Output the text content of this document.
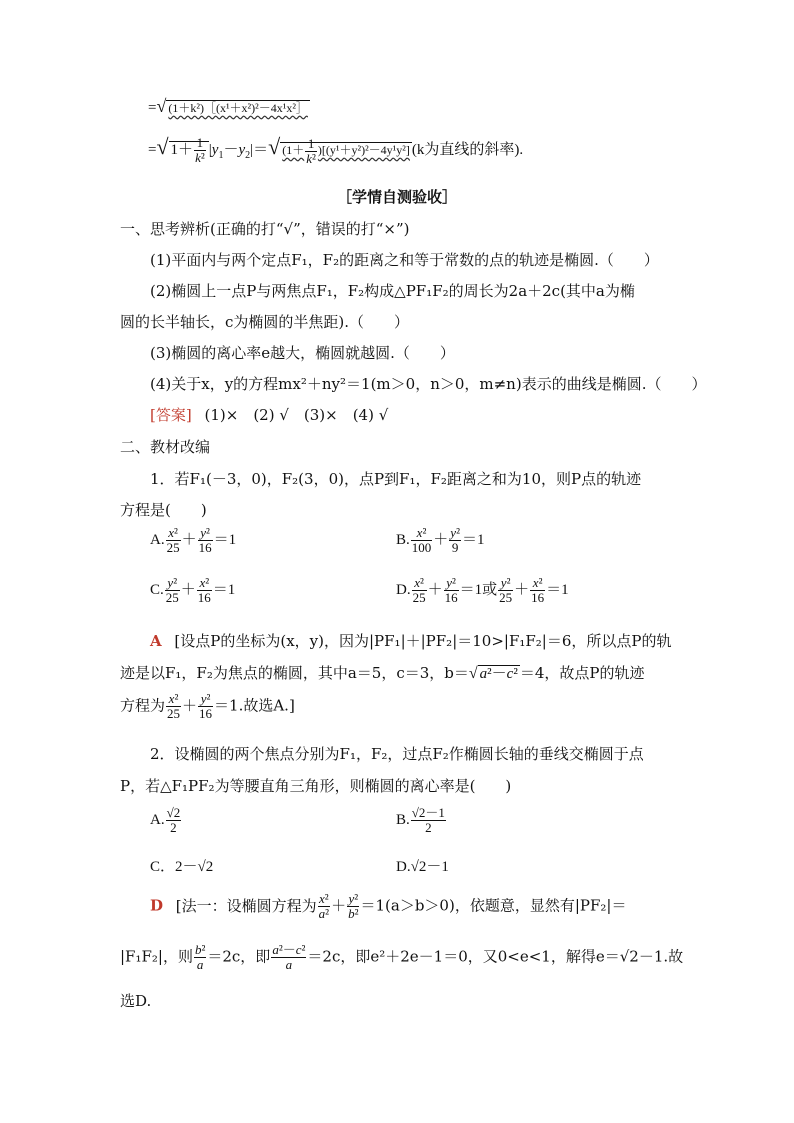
=√ (1＋k²)［(x¹＋x²)²－4x¹x²］
=√ $1+ \frac{1}{\text{k²}} |y_1-y_2|=√$ $(1+ \frac{1}{\text{k²}} )[(y^1+y^2)^2-4y^1y^2]$ (k为直线的斜率).
［学情自测验收］
一、思考辨析(正确的打“√”，错误的打“×”)
(1)平面内与两个定点F₁，F₂的距离之和等于常数的点的轨迹是椭圆.（　　）
(2)椭圆上一点P与两焦点F₁，F₂构成△PF₁F₂的周长为2a＋2c(其中a为椭
圆的长半轴长，c为椭圆的半焦距).（　　）
(3)椭圆的离心率e越大，椭圆就越圆.（　　）
(4)关于x，y的方程mx²＋ny²＝1(m＞0，n＞0，m≠n)表示的曲线是椭圆.（　　）
[答案] (1)×　(2) √　(3)×　(4) √
二、教材改编
1．若F₁(－3，0)，F₂(3，0)，点P到F₁，F₂距离之和为10，则P点的轨迹
方程是(　　)
A. $\frac{\text{x²}}{25} + \frac{\text{y²}}{16} =1$	B. $\frac{\text{x²}}{100} + \frac{\text{y²}}{9} =1$
C. $\frac{\text{y²}}{25} + \frac{\text{x²}}{16} =1$	D. $\frac{\text{x²}}{25} + \frac{\text{y²}}{16} =1$或 $\frac{\text{y²}}{25} + \frac{\text{x²}}{16} =1$
A [设点P的坐标为(x，y)，因为|PF₁|＋|PF₂|＝10>|F₁F₂|＝6，所以点P的轨
迹是以F₁，F₂为焦点的椭圆，其中a＝5，c＝3，b＝√ a²－c² ＝4，故点P的轨迹
方程为 $\frac{\text{x²}}{25} + \frac{\text{y²}}{16} =1$.故选A.]
2．设椭圆的两个焦点分别为F₁，F₂，过点F₂作椭圆长轴的垂线交椭圆于点
P，若△F₁PF₂为等腰直角三角形，则椭圆的离心率是(　　)
A. $\frac{√2}{2}$	B. $\frac{√2-1}{2}$
C．2－√2	D.√2－1
D [法一：设椭圆方程为 $\frac{\text{x²}}{\text{a²}} + \frac{\text{y²}}{\text{b²}} =1(a>b>0)$，依题意，显然有|PF₂|＝
|F₁F₂|，则 $\frac{\text{b²}}{a} =2c$，即 $\frac{\text{a²－c²}}{a} =2c$，即e²＋2e－1＝0，又0<e<1，解得e＝√2－1.故
选D.
